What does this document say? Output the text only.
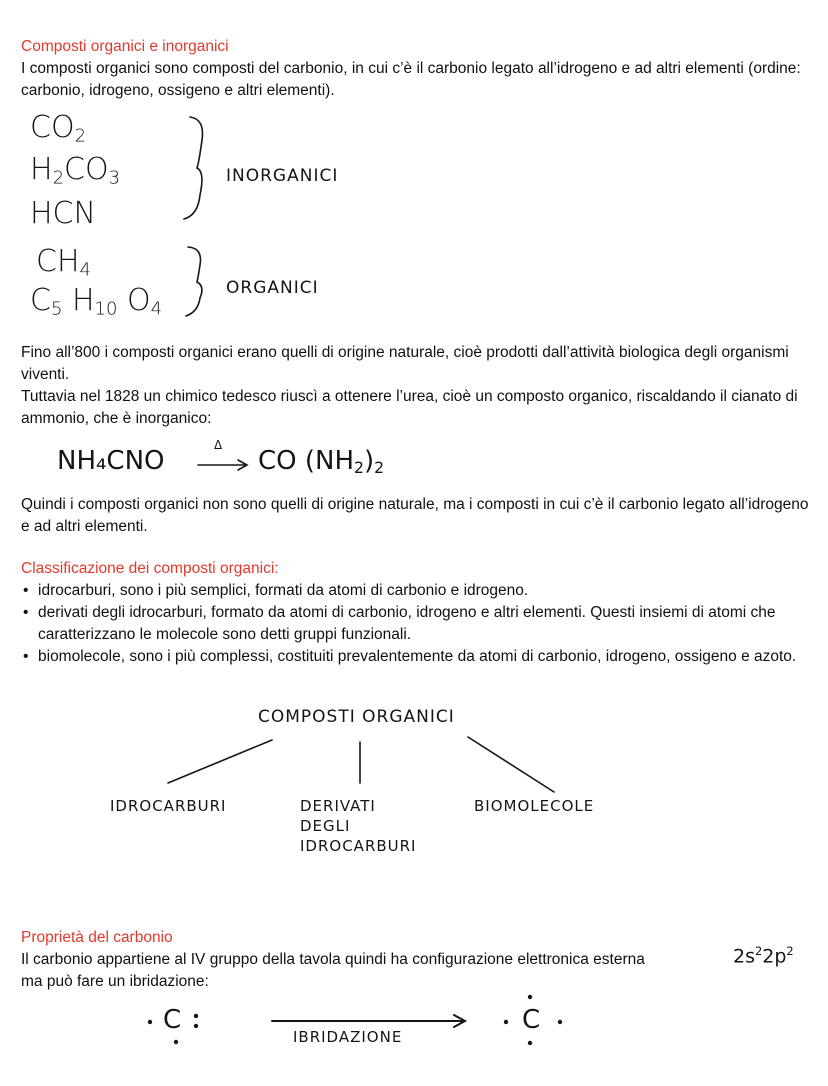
Composti organici e inorganici

I composti organici sono composti del carbonio, in cui c’è il carbonio legato all’idrogeno e ad altri elementi (ordine: carbonio, idrogeno, ossigeno e altri elementi).

$CO_2$
$H_2CO_3$
HCN
INORGANICI
$CH_4$
$C_5$ $H_{10}$ $O_4$
ORGANICI

Fino all’800 i composti organici erano quelli di origine naturale, cioè prodotti dall’attività biologica degli organismi viventi.

Tuttavia nel 1828 un chimico tedesco riuscì a ottenere l’urea, cioè un composto organico, riscaldando il cianato di ammonio, che è inorganico:

NH₄CNO
Δ
CO $(NH_2)_2$

Quindi i composti organici non sono quelli di origine naturale, ma i composti in cui c’è il carbonio legato all’idrogeno e ad altri elementi.

Classificazione dei composti organici:

• idrocarburi, sono i più semplici, formati da atomi di carbonio e idrogeno.
• derivati degli idrocarburi, formato da atomi di carbonio, idrogeno e altri elementi. Questi insiemi di atomi che caratterizzano le molecole sono detti gruppi funzionali.
• biomolecole, sono i più complessi, costituiti prevalentemente da atomi di carbonio, idrogeno, ossigeno e azoto.
COMPOSTI ORGANICI
IDROCARBURI	DERIVATI
DEGLI
IDROCARBURI
BIOMOLECOLE

Proprietà del carbonio

Il carbonio appartiene al IV gruppo della tavola quindi ha configurazione elettronica esterna	$2s^22p^2$

ma può fare un ibridazione:

C
IBRIDAZIONE
C
